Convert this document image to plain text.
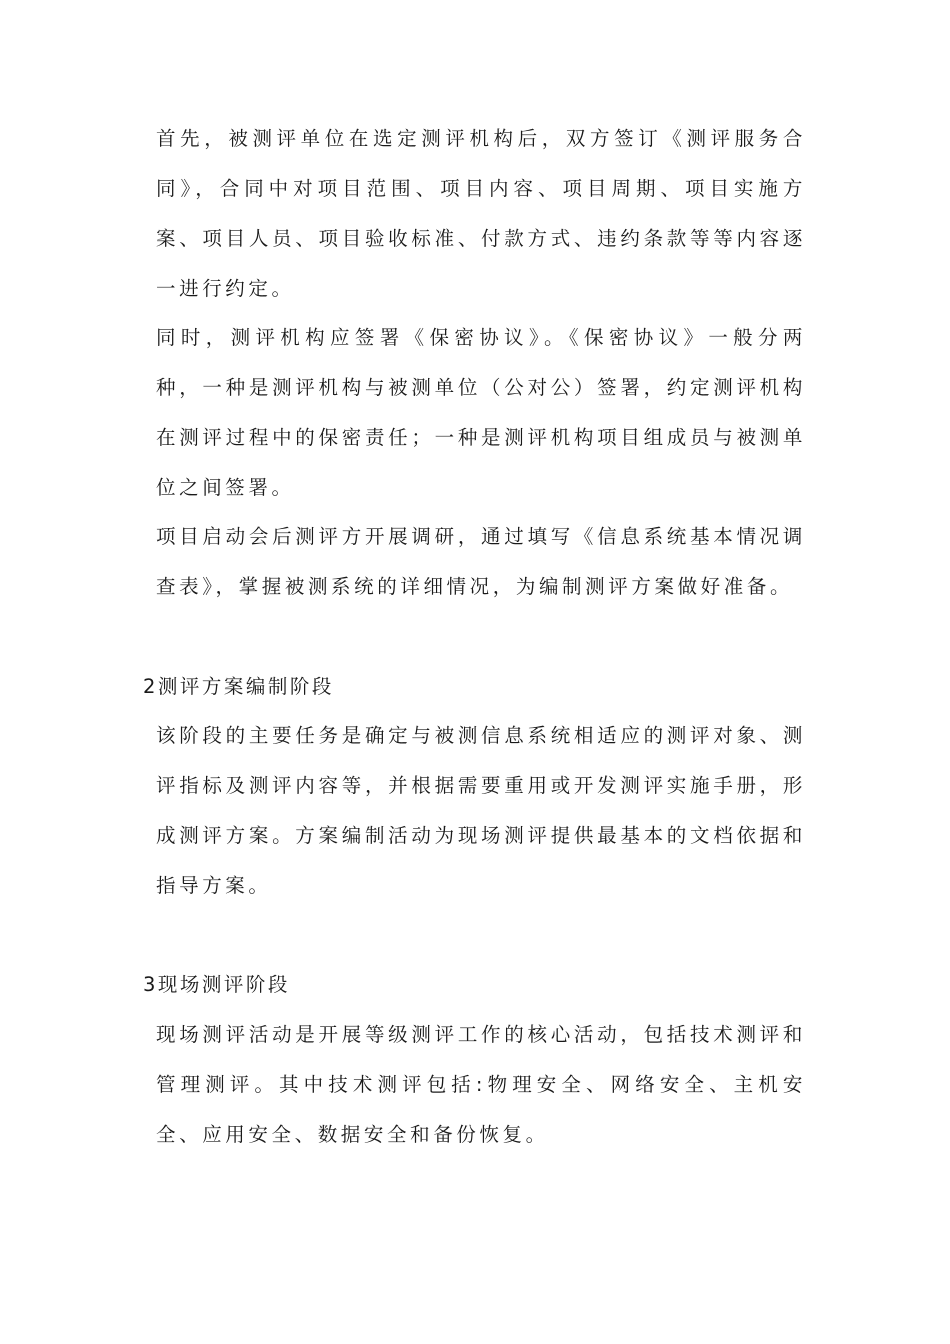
首先，被测评单位在选定测评机构后，双方签订《测评服务合同》，合同中对项目范围、项目内容、项目周期、项目实施方案、项目人员、项目验收标准、付款方式、违约条款等等内容逐一进行约定。
同时，测评机构应签署《保密协议》。《保密协议》一般分两种，一种是测评机构与被测单位（公对公）签署，约定测评机构在测评过程中的保密责任；一种是测评机构项目组成员与被测单位之间签署。
项目启动会后测评方开展调研，通过填写《信息系统基本情况调查表》，掌握被测系统的详细情况，为编制测评方案做好准备。
2测评方案编制阶段
该阶段的主要任务是确定与被测信息系统相适应的测评对象、测评指标及测评内容等，并根据需要重用或开发测评实施手册，形成测评方案。方案编制活动为现场测评提供最基本的文档依据和指导方案。
3现场测评阶段
现场测评活动是开展等级测评工作的核心活动，包括技术测评和管理测评。其中技术测评包括:物理安全、网络安全、主机安全、应用安全、数据安全和备份恢复。
